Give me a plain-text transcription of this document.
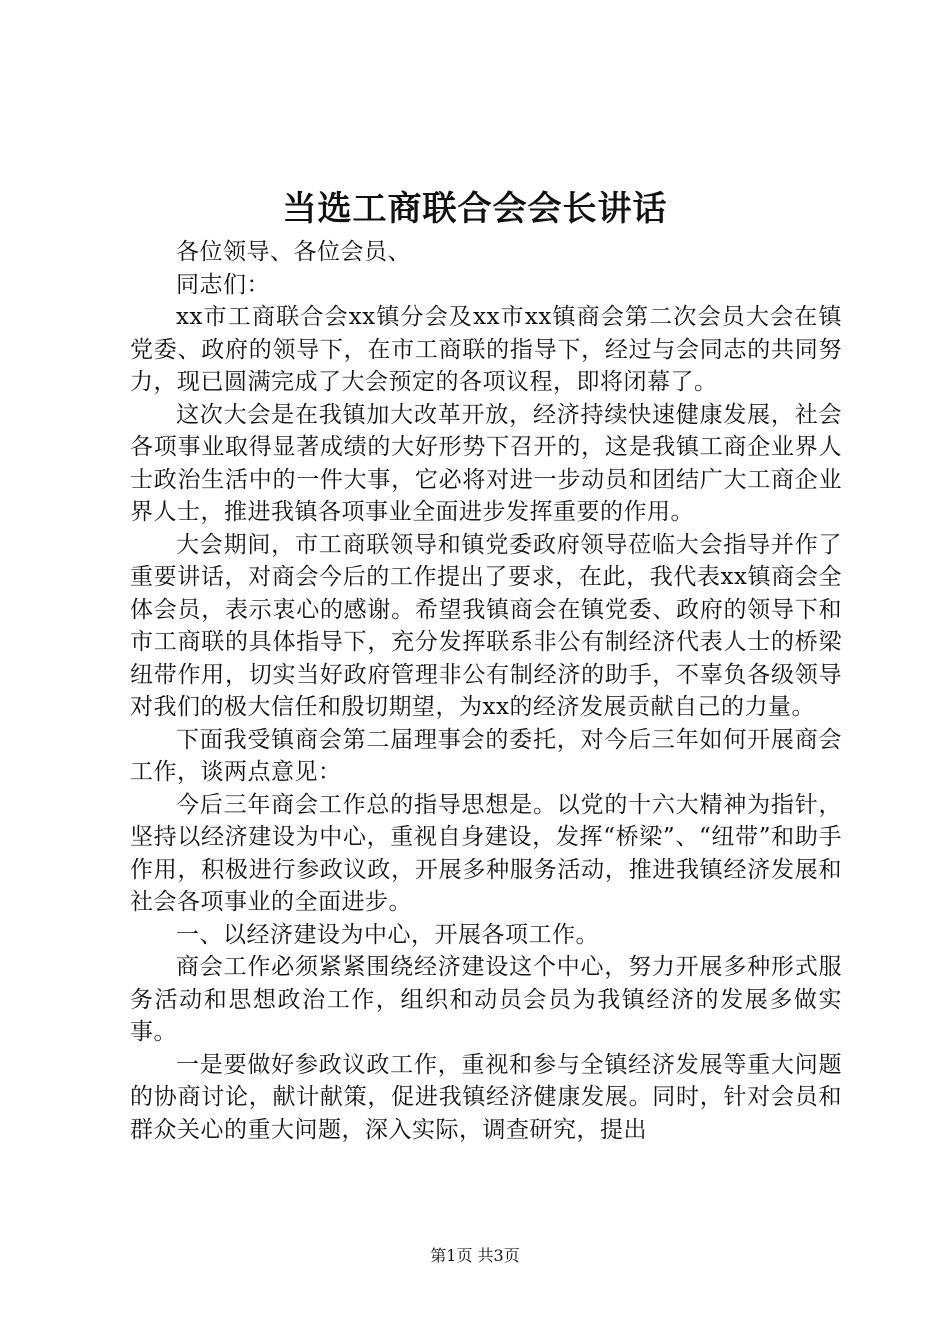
当选工商联合会会长讲话

各位领导、各位会员、

同志们：

xx市工商联合会xx镇分会及xx市xx镇商会第二次会员大会在镇党委、政府的领导下，在市工商联的指导下，经过与会同志的共同努力，现已圆满完成了大会预定的各项议程，即将闭幕了。

这次大会是在我镇加大改革开放，经济持续快速健康发展，社会各项事业取得显著成绩的大好形势下召开的，这是我镇工商企业界人士政治生活中的一件大事，它必将对进一步动员和团结广大工商企业界人士，推进我镇各项事业全面进步发挥重要的作用。

大会期间，市工商联领导和镇党委政府领导莅临大会指导并作了重要讲话，对商会今后的工作提出了要求，在此，我代表xx镇商会全体会员，表示衷心的感谢。希望我镇商会在镇党委、政府的领导下和市工商联的具体指导下，充分发挥联系非公有制经济代表人士的桥梁纽带作用，切实当好政府管理非公有制经济的助手，不辜负各级领导对我们的极大信任和殷切期望，为xx的经济发展贡献自己的力量。

下面我受镇商会第二届理事会的委托，对今后三年如何开展商会工作，谈两点意见：

今后三年商会工作总的指导思想是。以党的十六大精神为指针，坚持以经济建设为中心，重视自身建设，发挥“桥梁”、“纽带”和助手作用，积极进行参政议政，开展多种服务活动，推进我镇经济发展和社会各项事业的全面进步。

一、以经济建设为中心，开展各项工作。

商会工作必须紧紧围绕经济建设这个中心，努力开展多种形式服务活动和思想政治工作，组织和动员会员为我镇经济的发展多做实事。

一是要做好参政议政工作，重视和参与全镇经济发展等重大问题的协商讨论，献计献策，促进我镇经济健康发展。同时，针对会员和群众关心的重大问题，深入实际，调查研究，提出

第1页 共3页
